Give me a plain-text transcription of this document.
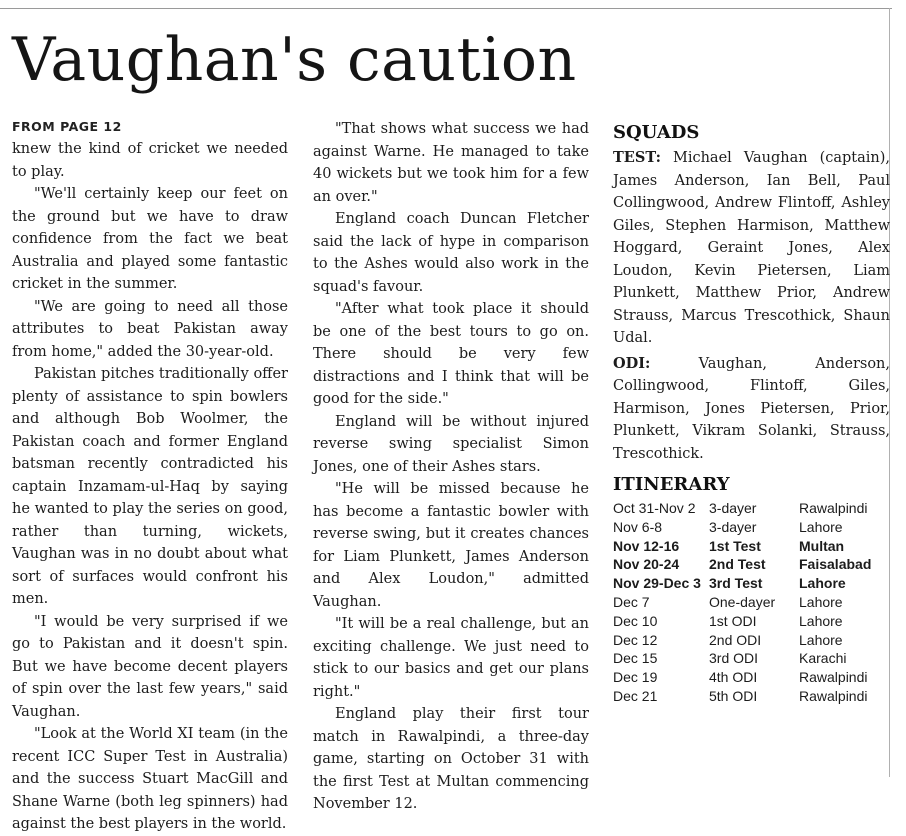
Vaughan's caution
FROM PAGE 12

knew the kind of cricket we needed to play.

"We'll certainly keep our feet on the ground but we have to draw confidence from the fact we beat Australia and played some fantastic cricket in the summer.

"We are going to need all those attributes to beat Pakistan away from home," added the 30-year-old.

Pakistan pitches traditionally offer plenty of assistance to spin bowlers and although Bob Woolmer, the Pakistan coach and former England batsman recently contradicted his captain Inzamam-ul-Haq by saying he wanted to play the series on good, rather than turning, wickets, Vaughan was in no doubt about what sort of surfaces would confront his men.

"I would be very surprised if we go to Pakistan and it doesn't spin. But we have become decent players of spin over the last few years," said Vaughan.

"Look at the World XI team (in the recent ICC Super Test in Australia) and the success Stuart MacGill and Shane Warne (both leg spinners) had against the best players in the world.

"That shows what success we had against Warne. He managed to take 40 wickets but we took him for a few an over."

England coach Duncan Fletcher said the lack of hype in comparison to the Ashes would also work in the squad's favour.

"After what took place it should be one of the best tours to go on. There should be very few distractions and I think that will be good for the side."

England will be without injured reverse swing specialist Simon Jones, one of their Ashes stars.

"He will be missed because he has become a fantastic bowler with reverse swing, but it creates chances for Liam Plunkett, James Anderson and Alex Loudon," admitted Vaughan.

"It will be a real challenge, but an exciting challenge. We just need to stick to our basics and get our plans right."

England play their first tour match in Rawalpindi, a three-day game, starting on October 31 with the first Test at Multan commencing November 12.

SQUADS

TEST: Michael Vaughan (captain), James Anderson, Ian Bell, Paul Collingwood, Andrew Flintoff, Ashley Giles, Stephen Harmison, Matthew Hoggard, Geraint Jones, Alex Loudon, Kevin Pietersen, Liam Plunkett, Matthew Prior, Andrew Strauss, Marcus Trescothick, Shaun Udal.

ODI:	Vaughan, Anderson, Collingwood, Flintoff, Giles, Harmison, Jones Pietersen, Prior, Plunkett, Vikram Solanki, Strauss, Trescothick.

ITINERARY
Oct 31-Nov 2	3-dayer	Rawalpindi
Nov 6-8	3-dayer	Lahore
Nov 12-16	1st Test	Multan
Nov 20-24	2nd Test	Faisalabad
Nov 29-Dec 3	3rd Test	Lahore
Dec 7	One-dayer	Lahore
Dec 10	1st ODI	Lahore
Dec 12	2nd ODI	Lahore
Dec 15	3rd ODI	Karachi
Dec 19	4th ODI	Rawalpindi
Dec 21	5th ODI	Rawalpindi
